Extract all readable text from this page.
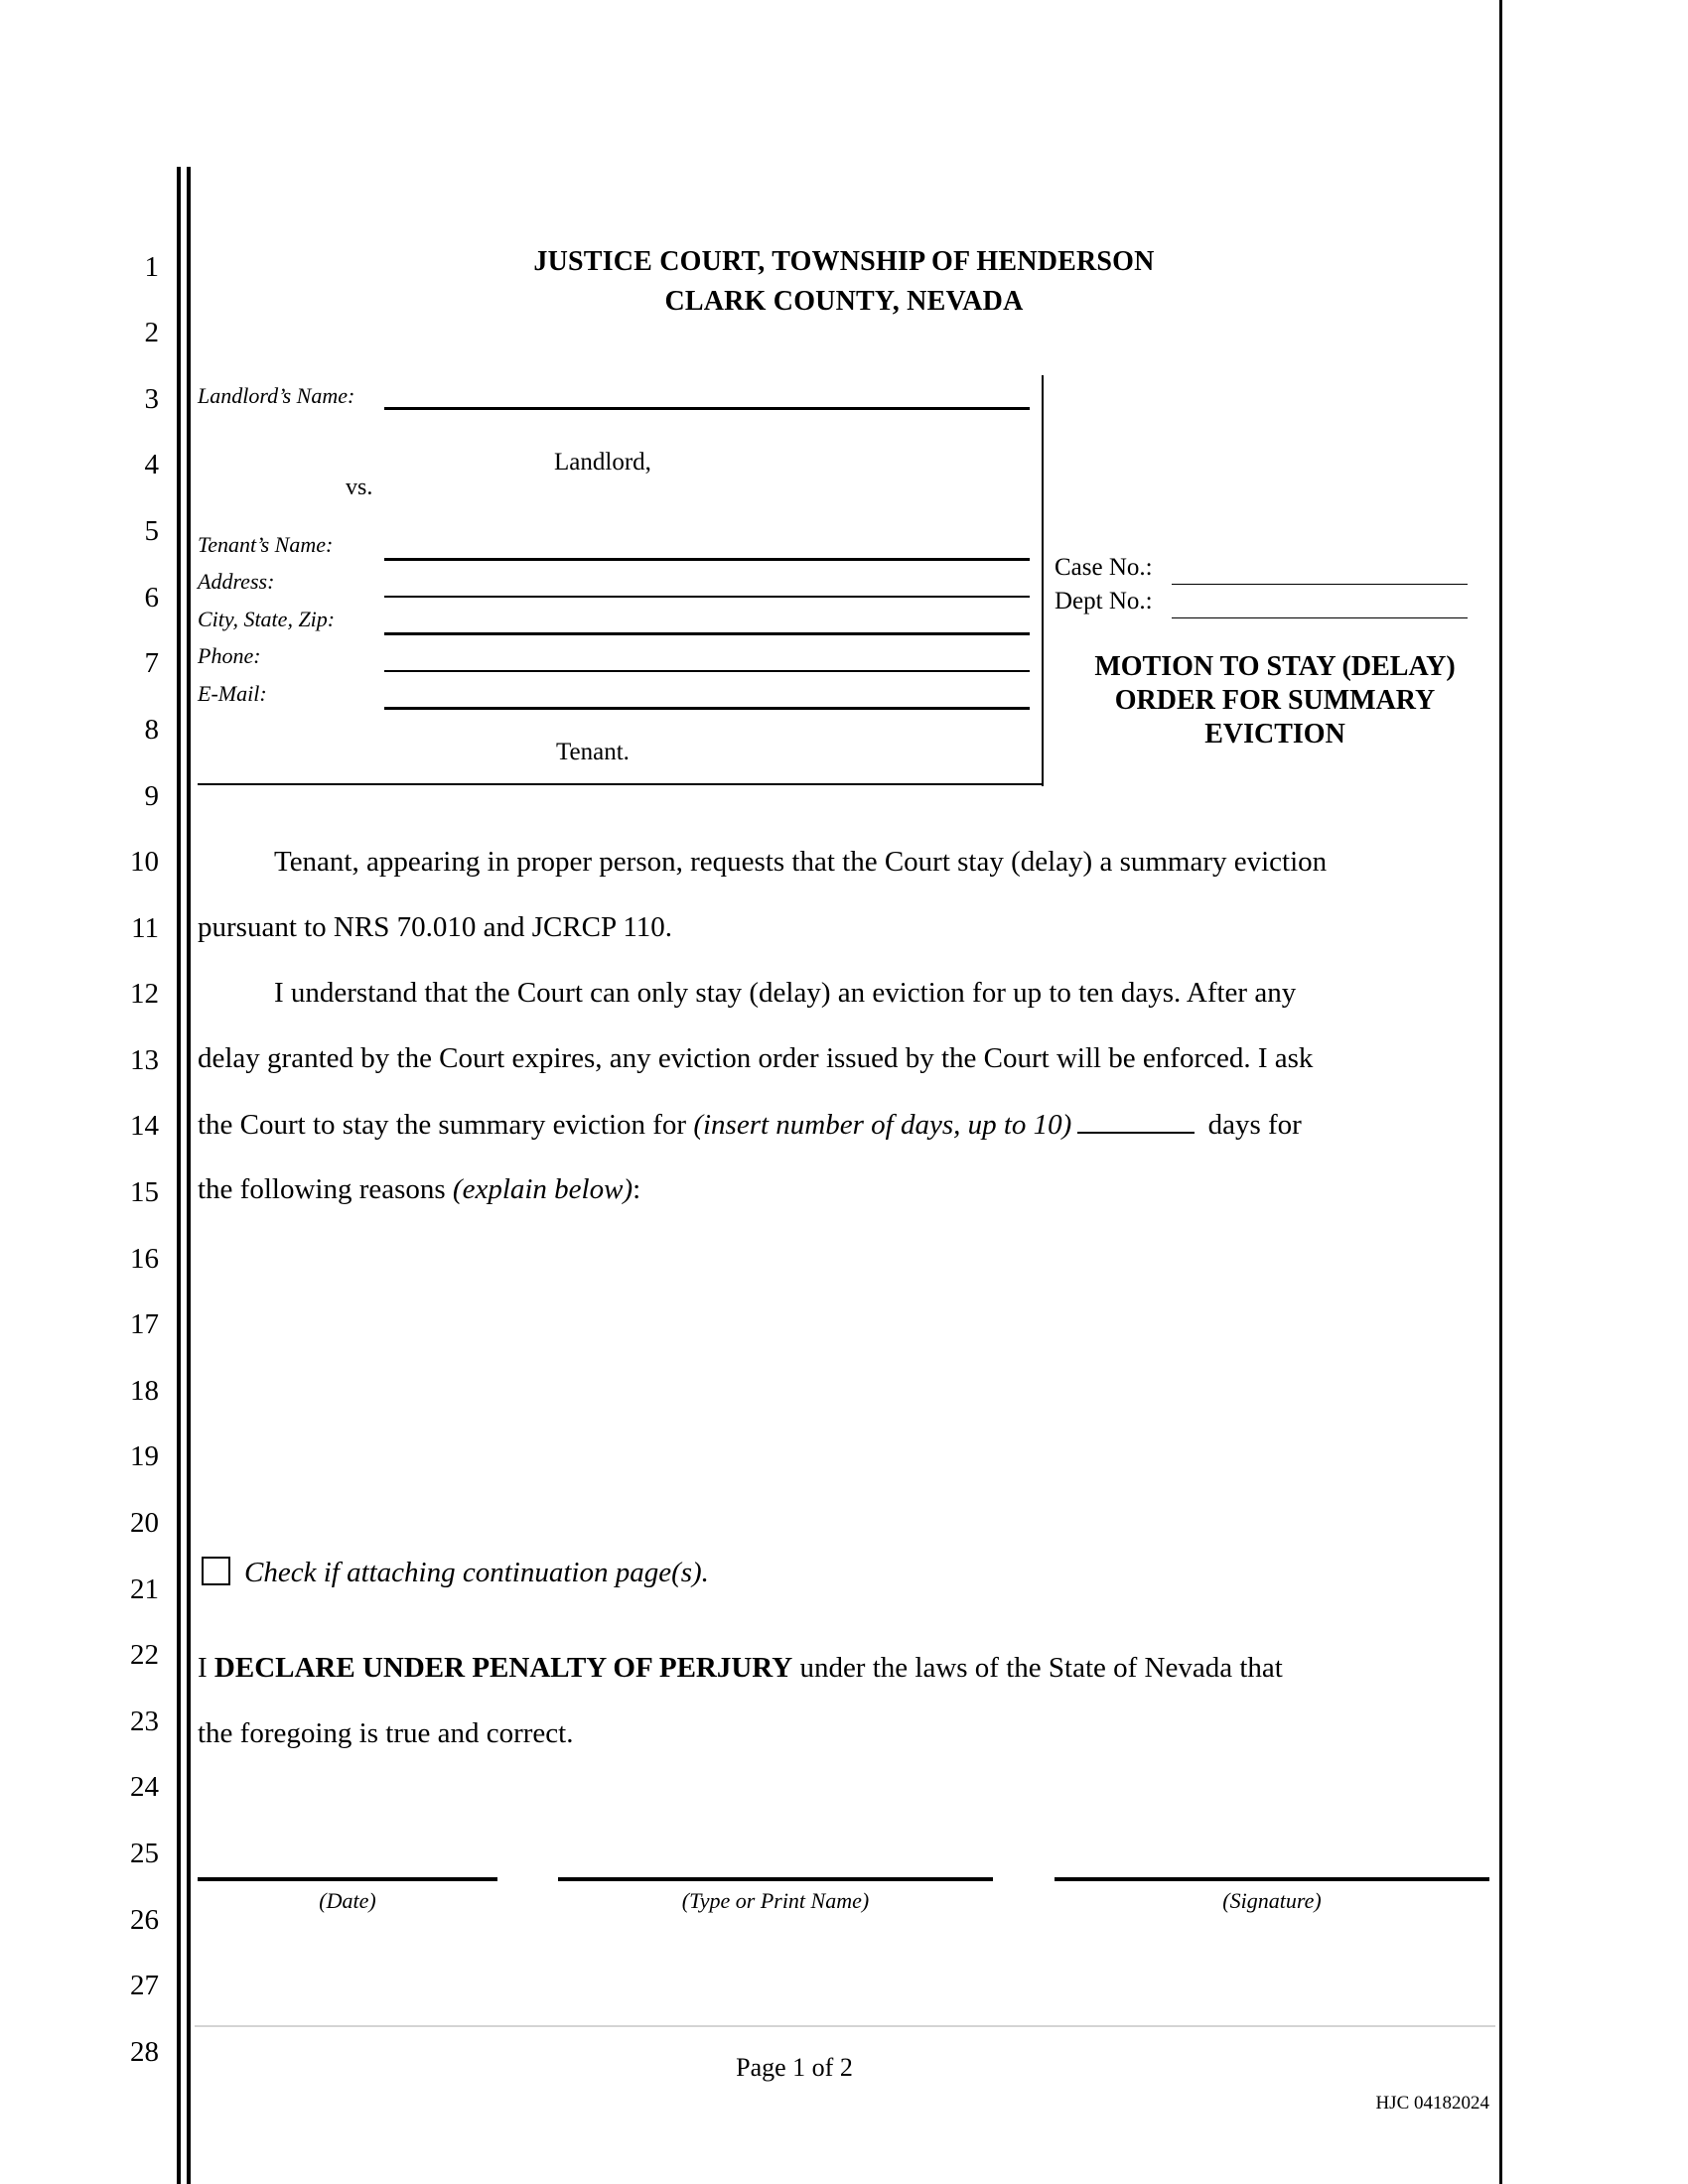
1
2
3
4
5
6
7
8
9
10
11
12
13
14
15
16
17
18
19
20
21
22
23
24
25
26
27
28
JUSTICE COURT, TOWNSHIP OF HENDERSON
CLARK COUNTY, NEVADA
Landlord’s Name:
Landlord,
vs.
Tenant’s Name:
Address:
City, State, Zip:
Phone:
E-Mail:
Tenant.
Case No.:
Dept No.:
MOTION TO STAY (DELAY)
ORDER FOR SUMMARY
EVICTION
Tenant, appearing in proper person, requests that the Court stay (delay) a summary eviction
pursuant to NRS 70.010 and JCRCP 110.
I understand that the Court can only stay (delay) an eviction for up to ten days. After any
delay granted by the Court expires, any eviction order issued by the Court will be enforced. I ask
the Court to stay the summary eviction for (insert number of days, up to 10)	days for
the following reasons (explain below):
Check if attaching continuation page(s).
I DECLARE UNDER PENALTY OF PERJURY under the laws of the State of Nevada that
the foregoing is true and correct.
(Date)	(Type or Print Name)	(Signature)
Page 1 of 2
HJC 04182024
